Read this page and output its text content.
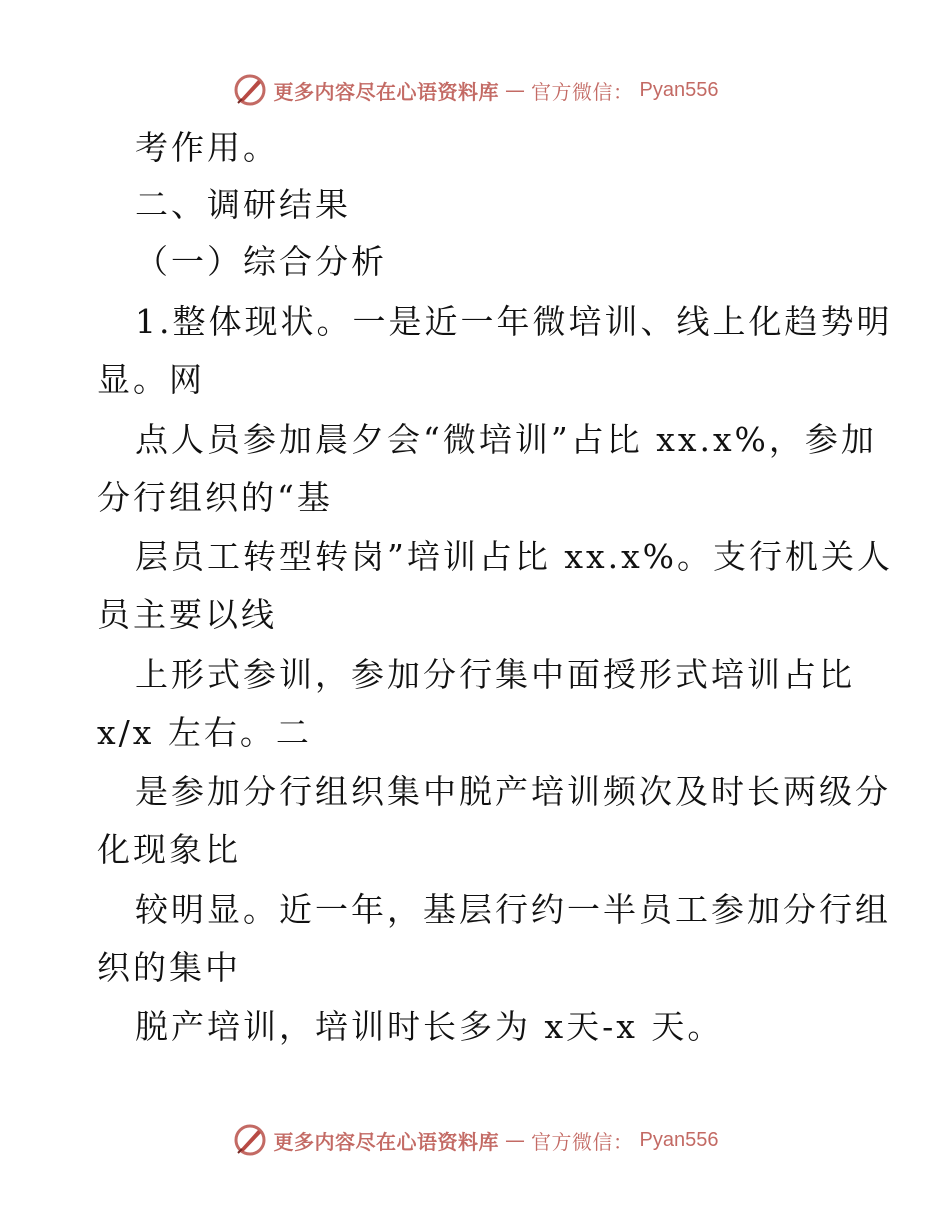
更多内容尽在心语资料库 — 官方微信： Pyan556
考作用。
二、调研结果
（一）综合分析
1.整体现状。一是近一年微培训、线上化趋势明
显。网
点人员参加晨夕会“微培训”占比 xx.x%，参加
分行组织的“基
层员工转型转岗”培训占比 xx.x%。支行机关人
员主要以线
上形式参训，参加分行集中面授形式培训占比
x/x 左右。二
是参加分行组织集中脱产培训频次及时长两级分
化现象比
较明显。近一年，基层行约一半员工参加分行组
织的集中
脱产培训，培训时长多为 x天-x 天。
更多内容尽在心语资料库 — 官方微信： Pyan556
